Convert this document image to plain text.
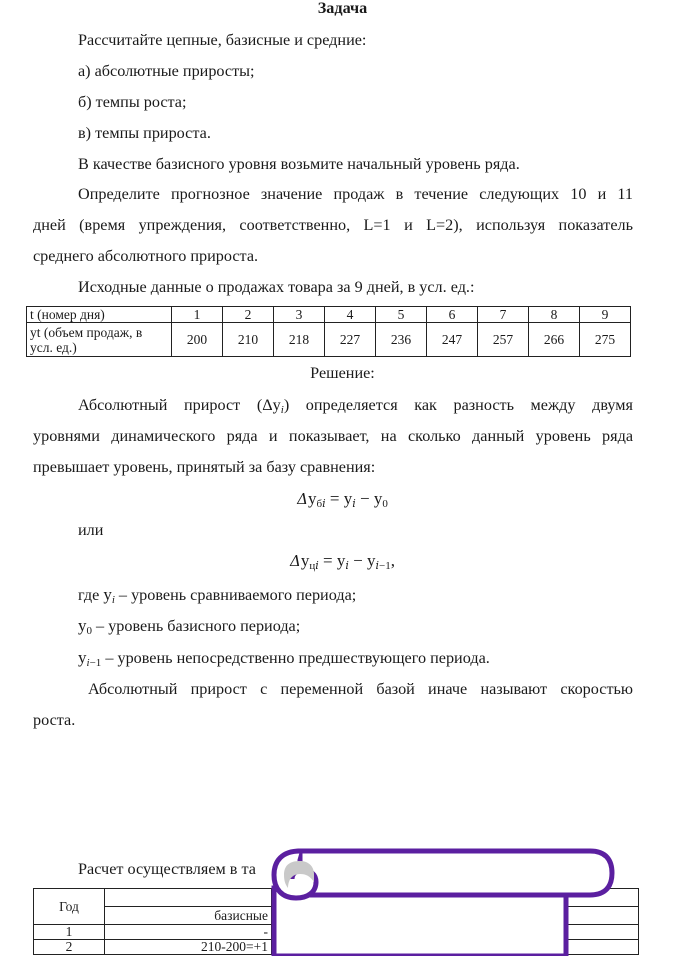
Задача
Рассчитайте цепные, базисные и средние:
а) абсолютные приросты;
б) темпы роста;
в) темпы прироста.
В качестве базисного уровня возьмите начальный уровень ряда.
Определите прогнозное значение продаж в течение следующих 10 и 11
дней (время упреждения, соответственно, L=1 и L=2), используя показатель
среднего абсолютного прироста.
Исходные данные о продажах товара за 9 дней, в усл. ед.:
t (номер дня)	1	2	3	4	5	6	7	8	9
yt (объем продаж, в усл. ед.)	200	210	218	227	236	247	257	266	275
Решение:
Абсолютный прирост $(\Delta y_i)$ определяется как разность между двумя
уровнями динамического ряда и показывает, на сколько данный уровень ряда
превышает уровень, принятый за базу сравнения:
$\Delta y_{бi} = y_i - y_0$
или
$\Delta y_{цi} = y_i - y_{i-1}$,
где $y_i$ – уровень сравниваемого периода;
$y_0$ – уровень базисного периода;
$y_{i-1}$ – уровень непосредственно предшествующего периода.
Абсолютный прирост с переменной базой иначе называют скоростью
роста.
Расчет осуществляем в та
Год		
	базисные	
1	-	
2	210-200=+1	
